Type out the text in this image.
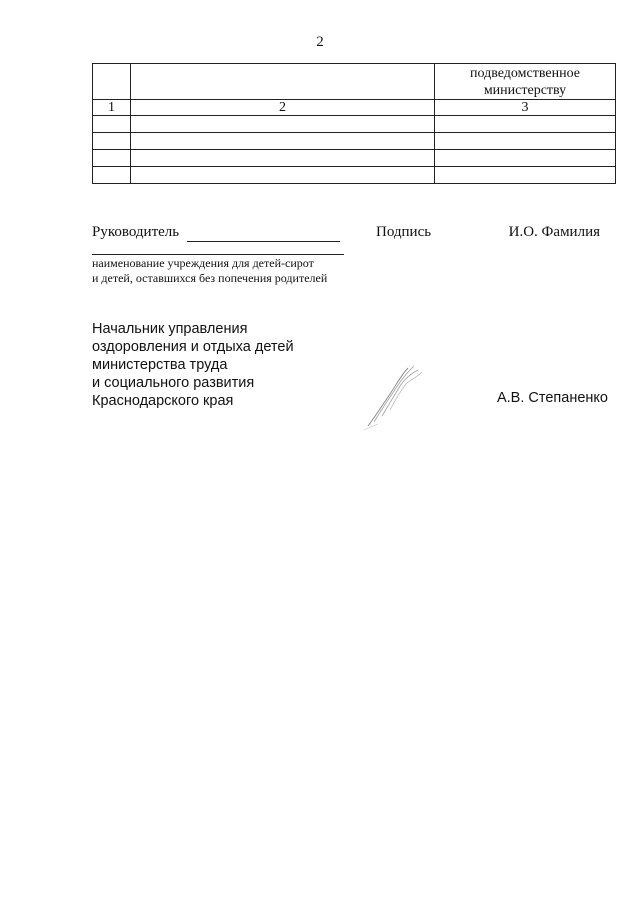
2
		подведомственное министерству
1	2	3

Руководитель	Подпись	И.О. Фамилия
наименование учреждения для детей-сирот
и детей, оставшихся без попечения родителей
Начальник управления
оздоровления и отдыха детей
министерства труда
и социального развития
Краснодарского края	А.В. Степаненко
